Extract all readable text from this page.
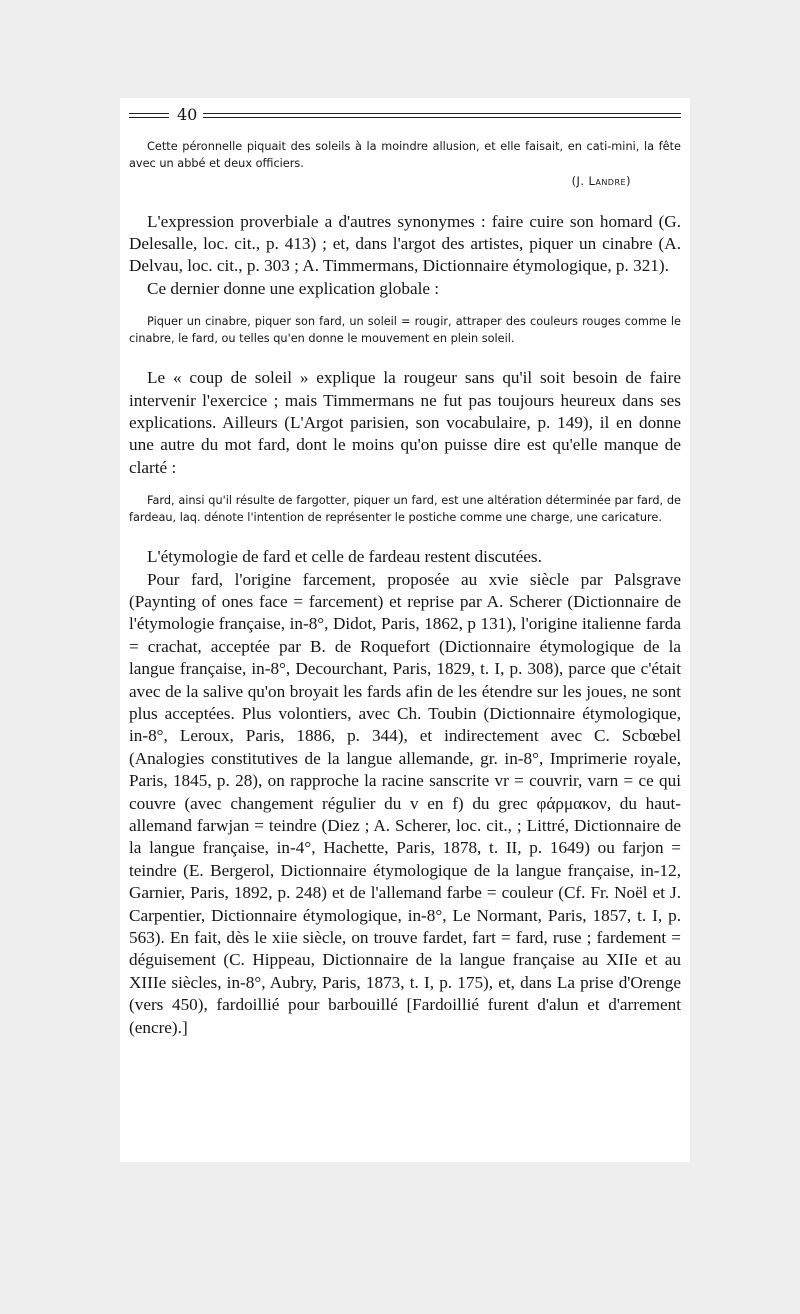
40

Cette péronnelle piquait des soleils à la moindre allusion, et elle faisait, en cati-mini, la fête avec un abbé et deux officiers.

(J. Landre)

L'expression proverbiale a d'autres synonymes : faire cuire son homard (G. Delesalle, loc. cit., p. 413) ; et, dans l'argot des artistes, piquer un cinabre (A. Delvau, loc. cit., p. 303 ; A. Timmermans, Dictionnaire étymologique, p. 321).

Ce dernier donne une explication globale :

Piquer un cinabre, piquer son fard, un soleil = rougir, attraper des couleurs rouges comme le cinabre, le fard, ou telles qu'en donne le mouvement en plein soleil.

Le « coup de soleil » explique la rougeur sans qu'il soit besoin de faire intervenir l'exercice ; mais Timmermans ne fut pas toujours heureux dans ses explications. Ailleurs (L'Argot parisien, son vocabulaire, p. 149), il en donne une autre du mot fard, dont le moins qu'on puisse dire est qu'elle manque de clarté :

Fard, ainsi qu'il résulte de fargotter, piquer un fard, est une altération déterminée par fard, de fardeau, laq. dénote l'intention de représenter le postiche comme une charge, une caricature.

L'étymologie de fard et celle de fardeau restent discutées.

Pour fard, l'origine farcement, proposée au xvie siècle par Palsgrave (Paynting of ones face = farcement) et reprise par A. Scherer (Dictionnaire de l'étymologie française, in-8°, Didot, Paris, 1862, p 131), l'origine italienne farda = crachat, acceptée par B. de Roquefort (Dictionnaire étymologique de la langue française, in-8°, Decourchant, Paris, 1829, t. I, p. 308), parce que c'était avec de la salive qu'on broyait les fards afin de les étendre sur les joues, ne sont plus acceptées. Plus volontiers, avec Ch. Toubin (Dictionnaire étymologique, in-8°, Leroux, Paris, 1886, p. 344), et indirectement avec C. Scbœbel (Analogies constitutives de la langue allemande, gr. in-8°, Imprimerie royale, Paris, 1845, p. 28), on rapproche la racine sanscrite vr = couvrir, varn = ce qui couvre (avec changement régulier du v en f) du grec φάρμακον, du haut-allemand farwjan = teindre (Diez ; A. Scherer, loc. cit., ; Littré, Dictionnaire de la langue française, in-4°, Hachette, Paris, 1878, t. II, p. 1649) ou farjon = teindre (E. Bergerol, Dictionnaire étymologique de la langue française, in-12, Garnier, Paris, 1892, p. 248) et de l'allemand farbe = couleur (Cf. Fr. Noël et J. Carpentier, Dictionnaire étymologique, in-8°, Le Normant, Paris, 1857, t. I, p. 563). En fait, dès le xiie siècle, on trouve fardet, fart = fard, ruse ; fardement = déguisement (C. Hippeau, Dictionnaire de la langue française au XIIe et au XIIIe siècles, in-8°, Aubry, Paris, 1873, t. I, p. 175), et, dans La prise d'Orenge (vers 450), fardoillié pour barbouillé [Fardoillié furent d'alun et d'arrement (encre).]
